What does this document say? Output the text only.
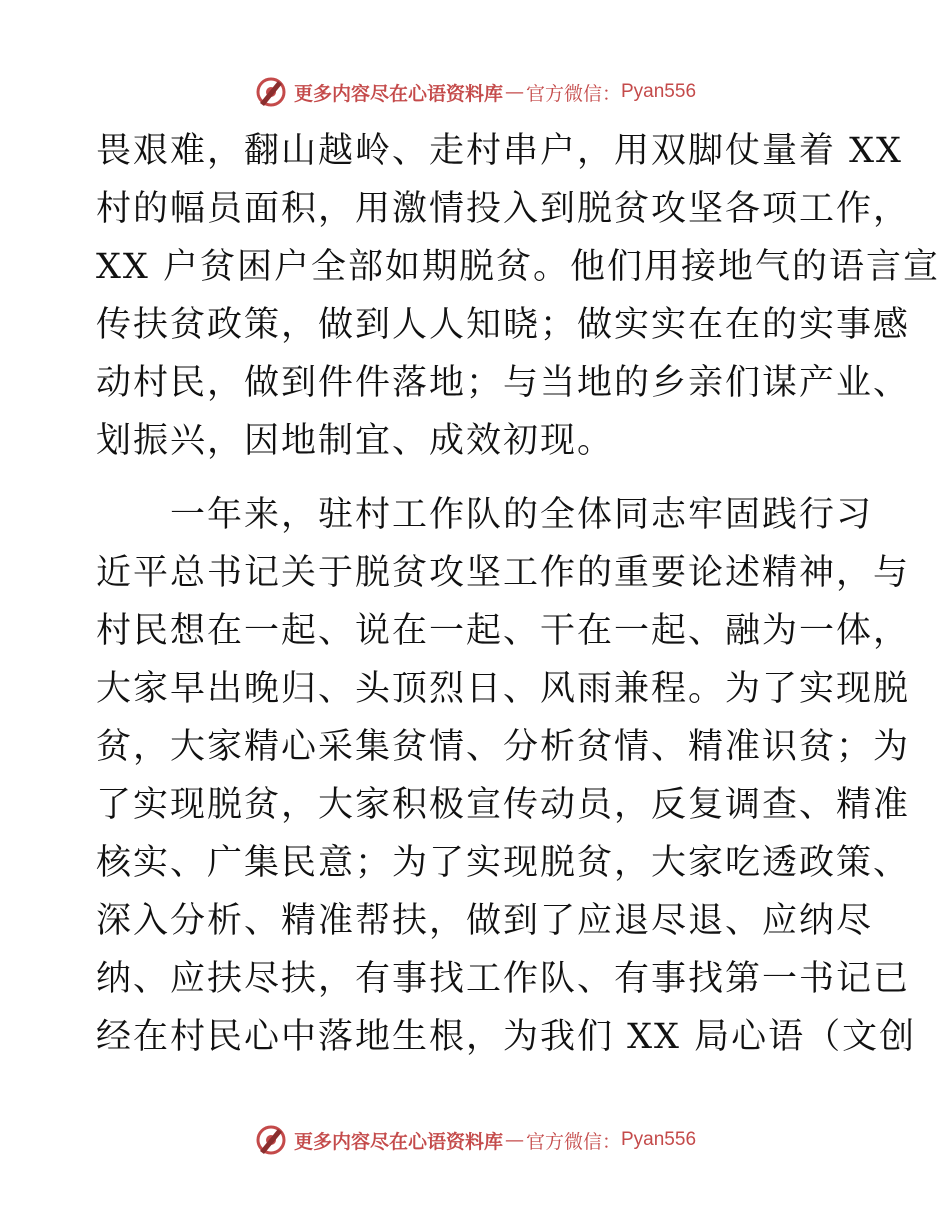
更多内容尽在心语资料库 — 官方微信： Pyan556
畏艰难，翻山越岭、走村串户，用双脚仗量着 XX
村的幅员面积，用激情投入到脱贫攻坚各项工作，
XX 户贫困户全部如期脱贫。他们用接地气的语言宣
传扶贫政策，做到人人知晓；做实实在在的实事感
动村民，做到件件落地；与当地的乡亲们谋产业、
划振兴，因地制宜、成效初现。
　　一年来，驻村工作队的全体同志牢固践行习
近平总书记关于脱贫攻坚工作的重要论述精神，与
村民想在一起、说在一起、干在一起、融为一体，
大家早出晚归、头顶烈日、风雨兼程。为了实现脱
贫，大家精心采集贫情、分析贫情、精准识贫；为
了实现脱贫，大家积极宣传动员，反复调查、精准
核实、广集民意；为了实现脱贫，大家吃透政策、
深入分析、精准帮扶，做到了应退尽退、应纳尽
纳、应扶尽扶，有事找工作队、有事找第一书记已
经在村民心中落地生根，为我们 XX 局心语（文创
更多内容尽在心语资料库 — 官方微信： Pyan556
